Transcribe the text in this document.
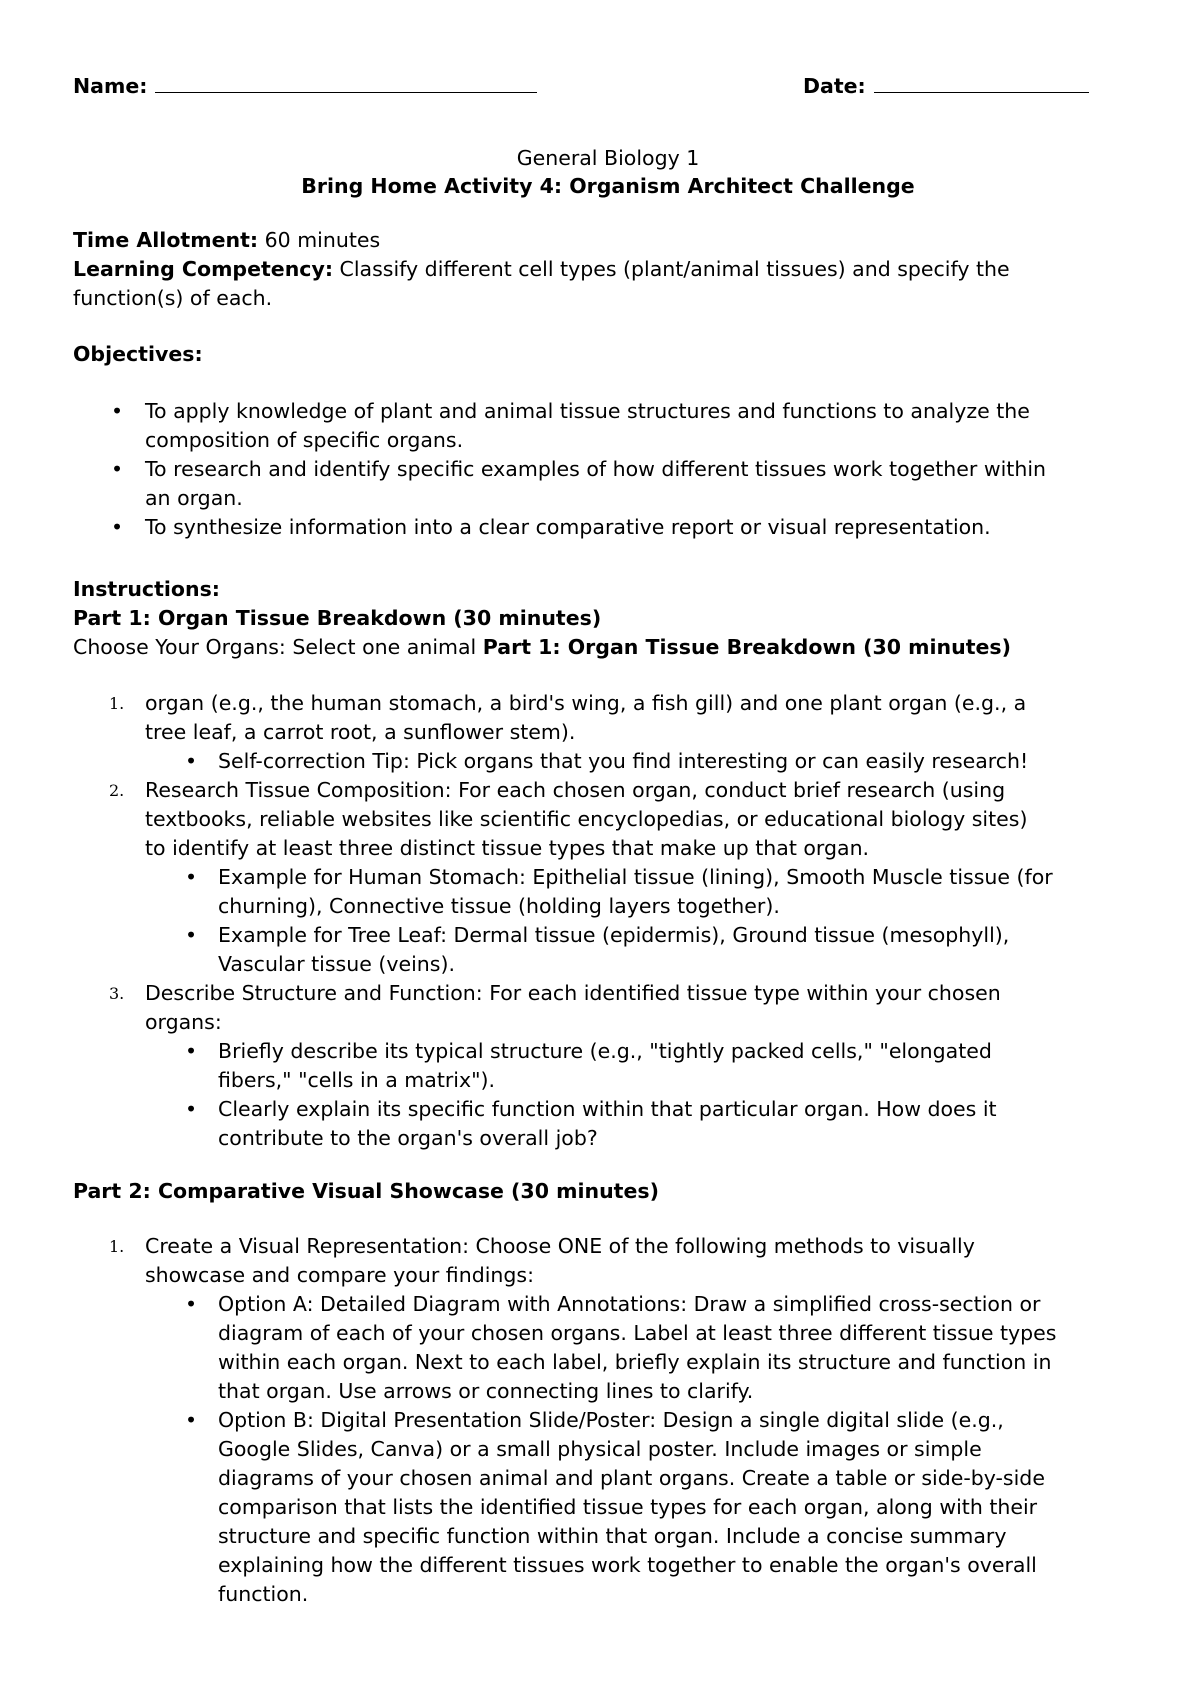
Name:	Date:
General Biology 1
Bring Home Activity 4: Organism Architect Challenge
Time Allotment: 60 minutes
Learning Competency: Classify different cell types (plant/animal tissues) and specify the
function(s) of each.
Objectives:
• To apply knowledge of plant and animal tissue structures and functions to analyze the
composition of specific organs.
• To research and identify specific examples of how different tissues work together within
an organ.
• To synthesize information into a clear comparative report or visual representation.
Instructions:
Part 1: Organ Tissue Breakdown (30 minutes)
Choose Your Organs: Select one animal Part 1: Organ Tissue Breakdown (30 minutes)
1. organ (e.g., the human stomach, a bird's wing, a fish gill) and one plant organ (e.g., a
tree leaf, a carrot root, a sunflower stem).
• Self-correction Tip: Pick organs that you find interesting or can easily research!
2. Research Tissue Composition: For each chosen organ, conduct brief research (using
textbooks, reliable websites like scientific encyclopedias, or educational biology sites)
to identify at least three distinct tissue types that make up that organ.
• Example for Human Stomach: Epithelial tissue (lining), Smooth Muscle tissue (for
churning), Connective tissue (holding layers together).
• Example for Tree Leaf: Dermal tissue (epidermis), Ground tissue (mesophyll),
Vascular tissue (veins).
3. Describe Structure and Function: For each identified tissue type within your chosen
organs:
• Briefly describe its typical structure (e.g., "tightly packed cells," "elongated
fibers," "cells in a matrix").
• Clearly explain its specific function within that particular organ. How does it
contribute to the organ's overall job?
Part 2: Comparative Visual Showcase (30 minutes)
1. Create a Visual Representation: Choose ONE of the following methods to visually
showcase and compare your findings:
• Option A: Detailed Diagram with Annotations: Draw a simplified cross-section or
diagram of each of your chosen organs. Label at least three different tissue types
within each organ. Next to each label, briefly explain its structure and function in
that organ. Use arrows or connecting lines to clarify.
• Option B: Digital Presentation Slide/Poster: Design a single digital slide (e.g.,
Google Slides, Canva) or a small physical poster. Include images or simple
diagrams of your chosen animal and plant organs. Create a table or side-by-side
comparison that lists the identified tissue types for each organ, along with their
structure and specific function within that organ. Include a concise summary
explaining how the different tissues work together to enable the organ's overall
function.
